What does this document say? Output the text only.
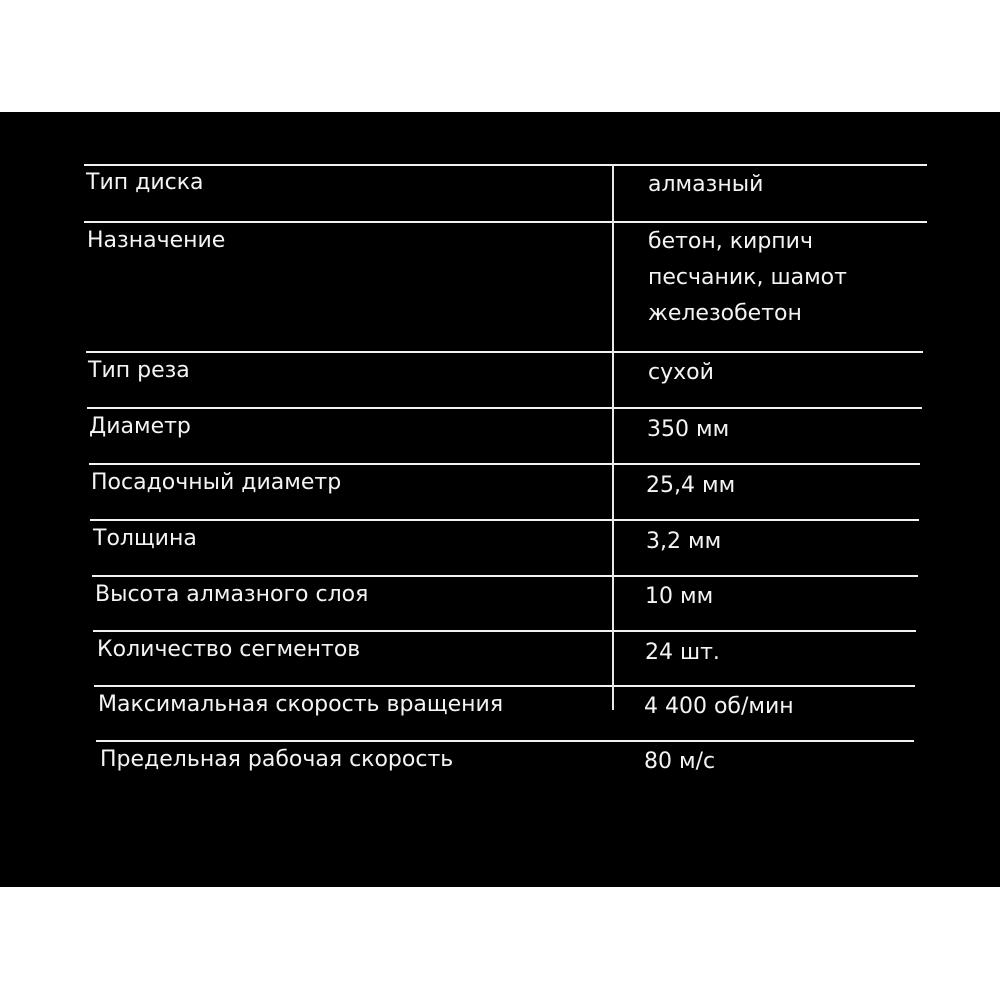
Тип диска	алмазный
Назначение	бетон, кирпич
песчаник, шамот
железобетон
Тип реза	сухой
Диаметр	350 мм
Посадочный диаметр	25,4 мм
Толщина	3,2 мм
Высота алмазного слоя	10 мм
Количество сегментов	24 шт.
Максимальная скорость вращения	4 400 об/мин
Предельная рабочая скорость	80 м/с
